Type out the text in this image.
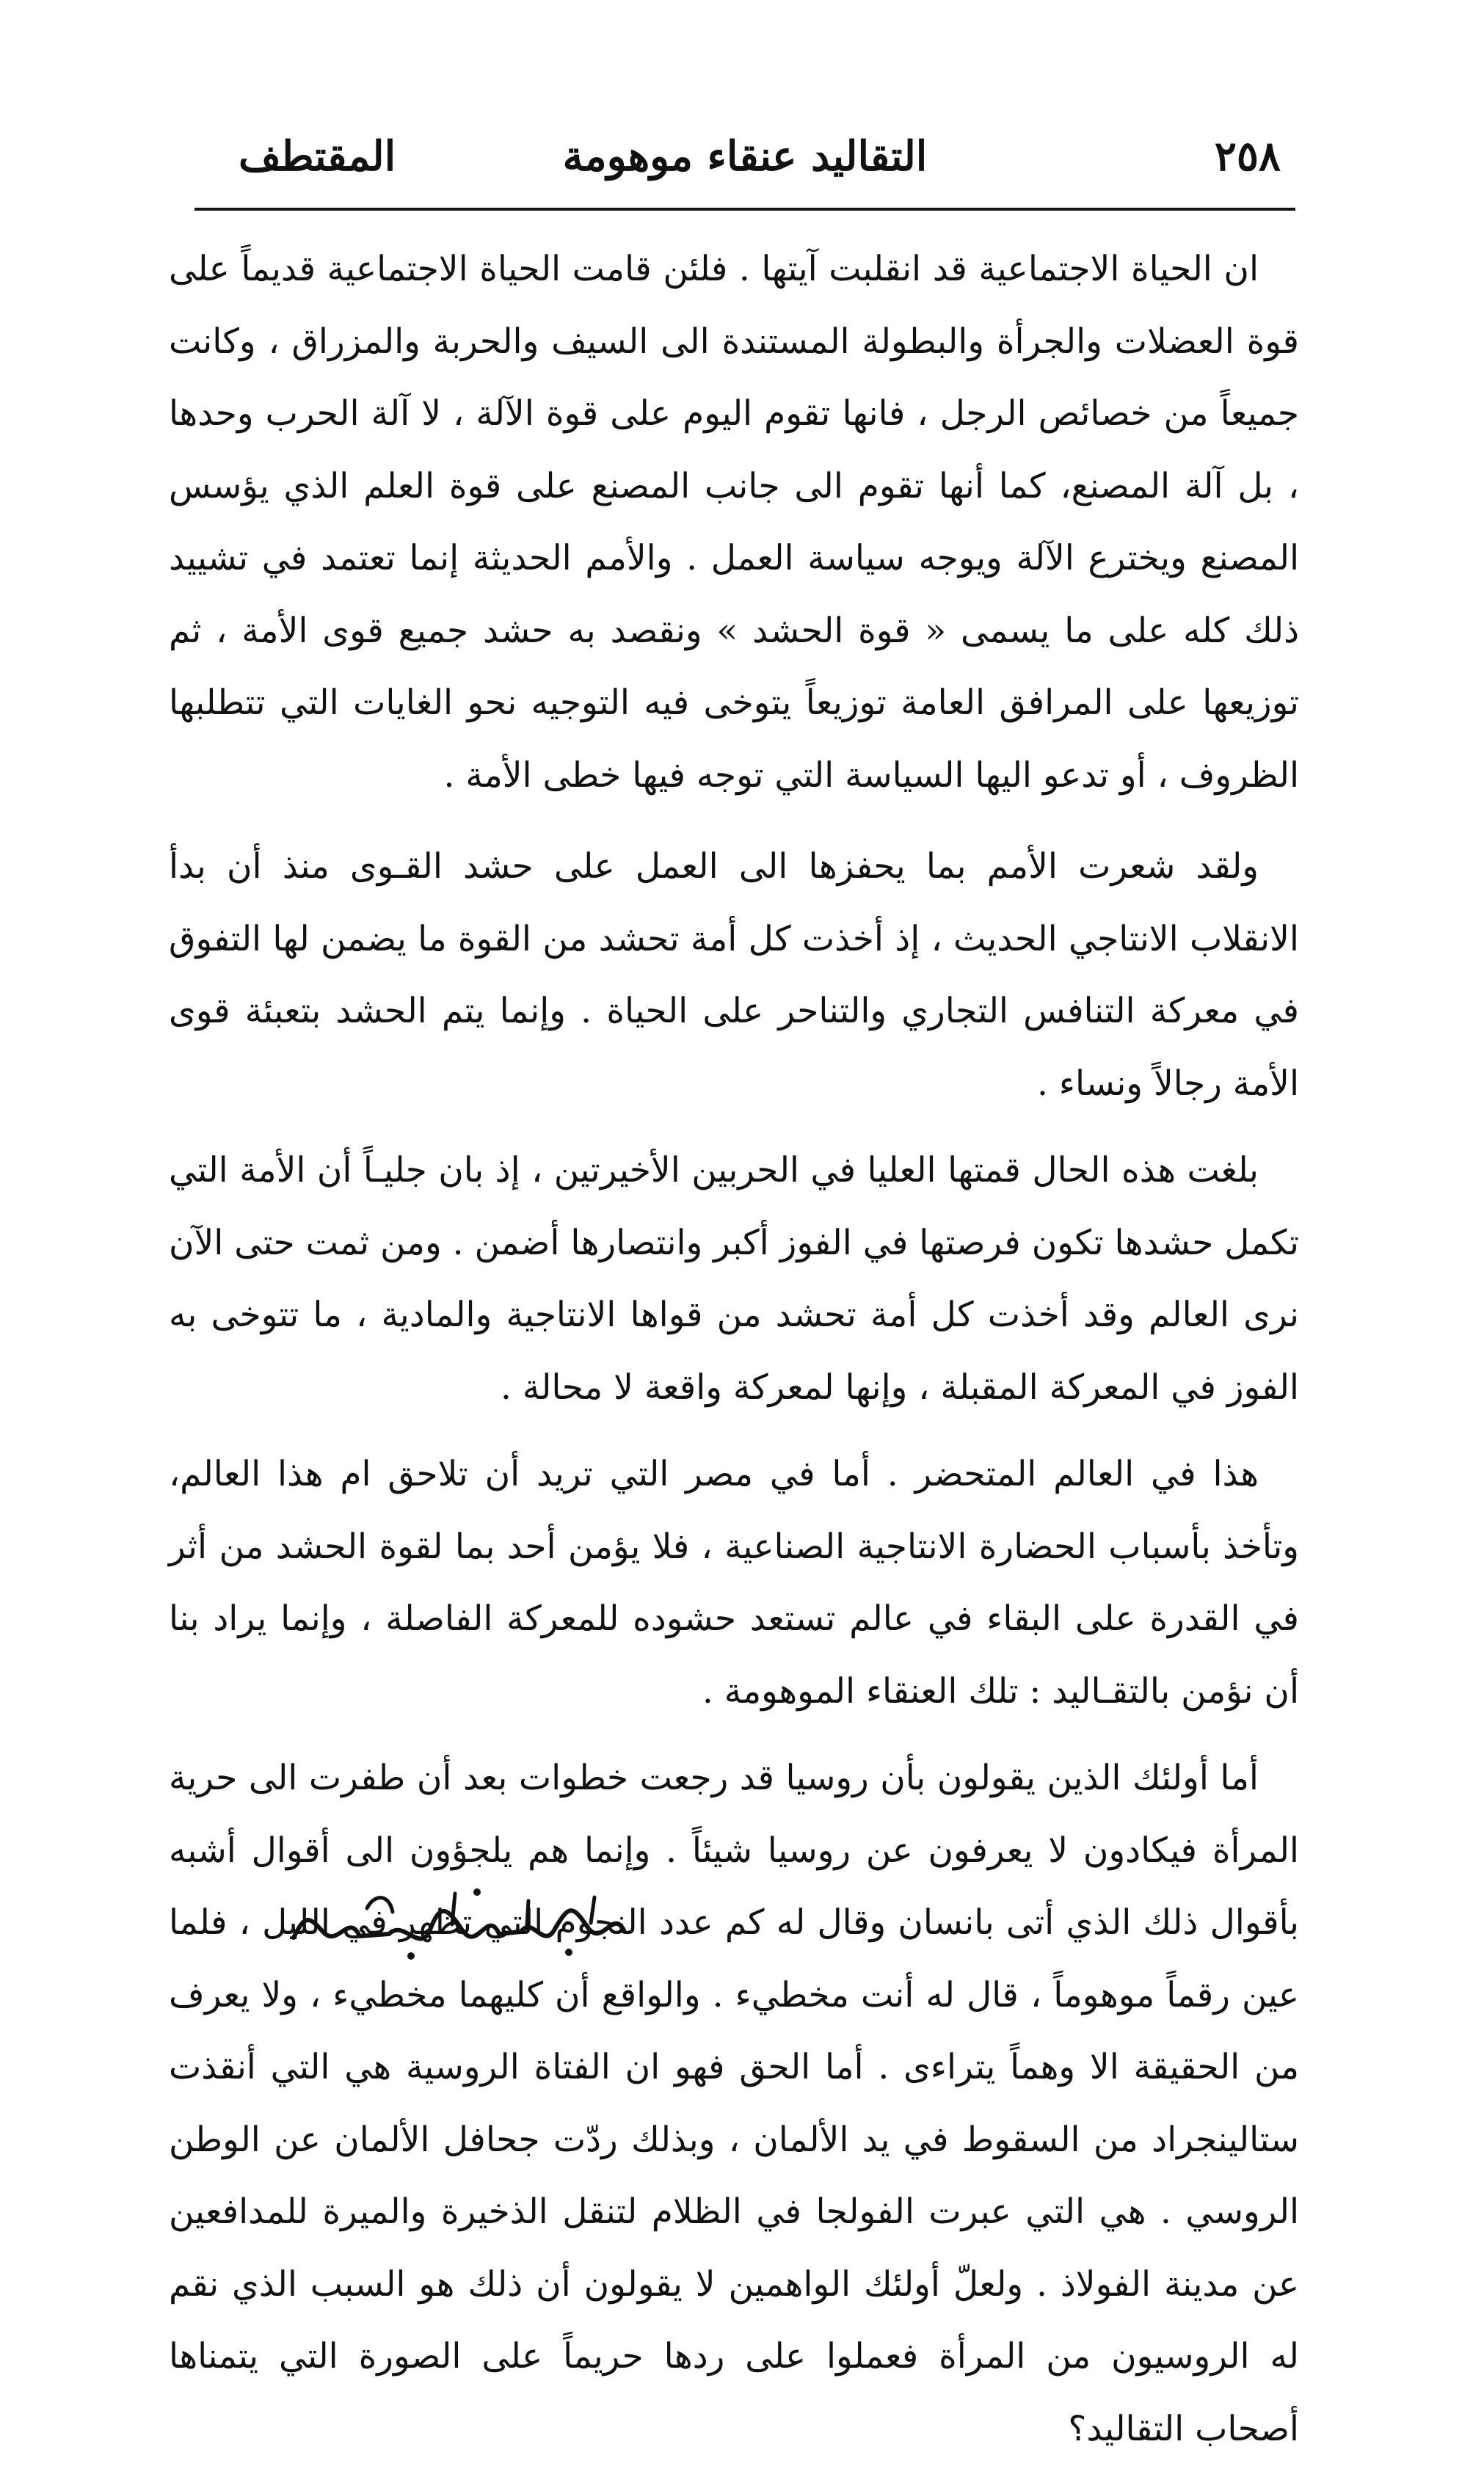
٢٥٨
التقاليد عنقاء موهومة
المقتطف

ان الحياة الاجتماعية قد انقلبت آيتها . فلئن قامت الحياة الاجتماعية قديماً على قوة العضلات والجرأة والبطولة المستندة الى السيف والحربة والمزراق ، وكانت جميعاً من خصائص الرجل ، فانها تقوم اليوم على قوة الآلة ، لا آلة الحرب وحدها ، بل آلة المصنع، كما أنها تقوم الى جانب المصنع على قوة العلم الذي يؤسس المصنع ويخترع الآلة ويوجه سياسة العمل . والأمم الحديثة إنما تعتمد في تشييد ذلك كله على ما يسمى « قوة الحشد » ونقصد به حشد جميع قوى الأمة ، ثم توزيعها على المرافق العامة توزيعاً يتوخى فيه التوجيه نحو الغايات التي تتطلبها الظروف ، أو تدعو اليها السياسة التي توجه فيها خطى الأمة .

ولقد شعرت الأمم بما يحفزها الى العمل على حشد القـوى منذ أن بدأ الانقلاب الانتاجي الحديث ، إذ أخذت كل أمة تحشد من القوة ما يضمن لها التفوق في معركة التنافس التجاري والتناحر على الحياة . وإنما يتم الحشد بتعبئة قوى الأمة رجالاً ونساء .

بلغت هذه الحال قمتها العليا في الحربين الأخيرتين ، إذ بان جليـاً أن الأمة التي تكمل حشدها تكون فرصتها في الفوز أكبر وانتصارها أضمن . ومن ثمت حتى الآن نرى العالم وقد أخذت كل أمة تحشد من قواها الانتاجية والمادية ، ما تتوخى به الفوز في المعركة المقبلة ، وإنها لمعركة واقعة لا محالة .

هذا في العالم المتحضر . أما في مصر التي تريد أن تلاحق ام هذا العالم، وتأخذ بأسباب الحضارة الانتاجية الصناعية ، فلا يؤمن أحد بما لقوة الحشد من أثر في القدرة على البقاء في عالم تستعد حشوده للمعركة الفاصلة ، وإنما يراد بنا أن نؤمن بالتقـاليد : تلك العنقاء الموهومة .

أما أولئك الذين يقولون بأن روسيا قد رجعت خطوات بعد أن طفرت الى حرية المرأة فيكادون لا يعرفون عن روسيا شيئاً . وإنما هم يلجؤون الى أقوال أشبه بأقوال ذلك الذي أتى بانسان وقال له كم عدد النجوم التي تظهر في الليل ، فلما عين رقماً موهوماً ، قال له أنت مخطيء . والواقع أن كليهما مخطيء ، ولا يعرف من الحقيقة الا وهماً يتراءى . أما الحق فهو ان الفتاة الروسية هي التي أنقذت ستالينجراد من السقوط في يد الألمان ، وبذلك ردّت جحافل الألمان عن الوطن الروسي . هي التي عبرت الفولجا في الظلام لتنقل الذخيرة والميرة للمدافعين عن مدينة الفولاذ . ولعلّ أولئك الواهمين لا يقولون أن ذلك هو السبب الذي نقم له الروسيون من المرأة فعملوا على ردها حريماً على الصورة التي يتمناها أصحاب التقاليد؟
